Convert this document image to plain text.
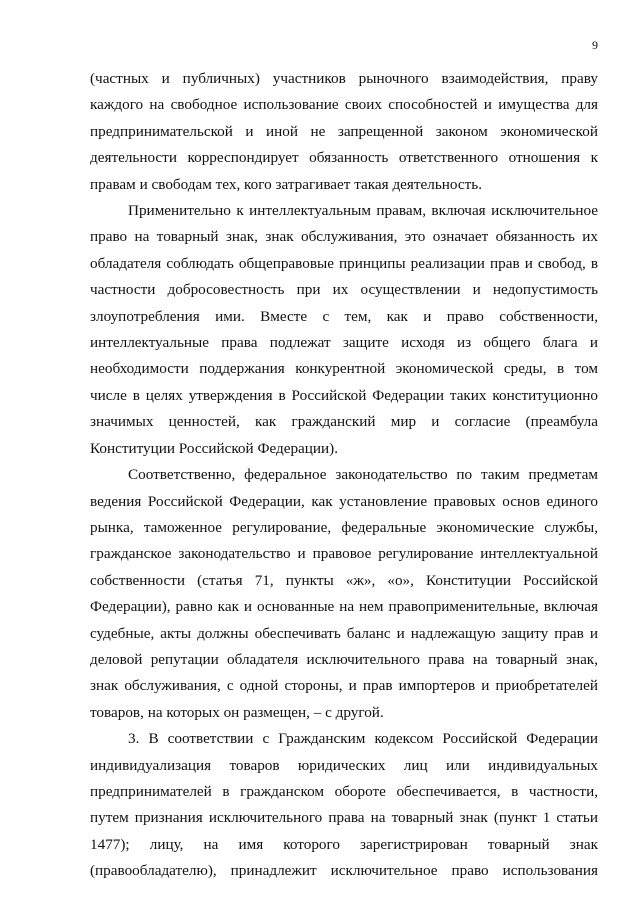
9

(частных и публичных) участников рыночного взаимодействия, праву каждого на свободное использование своих способностей и имущества для предпринимательской и иной не запрещенной законом экономической деятельности корреспондирует обязанность ответственного отношения к правам и свободам тех, кого затрагивает такая деятельность.

Применительно к интеллектуальным правам, включая исключительное право на товарный знак, знак обслуживания, это означает обязанность их обладателя соблюдать общеправовые принципы реализации прав и свобод, в частности добросовестность при их осуществлении и недопустимость злоупотребления ими. Вместе с тем, как и право собственности, интеллектуальные права подлежат защите исходя из общего блага и необходимости поддержания конкурентной экономической среды, в том числе в целях утверждения в Российской Федерации таких конституционно значимых ценностей, как гражданский мир и согласие (преамбула Конституции Российской Федерации).

Соответственно, федеральное законодательство по таким предметам ведения Российской Федерации, как установление правовых основ единого рынка, таможенное регулирование, федеральные экономические службы, гражданское законодательство и правовое регулирование интеллектуальной собственности (статья 71, пункты «ж», «о», Конституции Российской Федерации), равно как и основанные на нем правоприменительные, включая судебные, акты должны обеспечивать баланс и надлежащую защиту прав и деловой репутации обладателя исключительного права на товарный знак, знак обслуживания, с одной стороны, и прав импортеров и приобретателей товаров, на которых он размещен, – с другой.

3. В соответствии с Гражданским кодексом Российской Федерации индивидуализация товаров юридических лиц или индивидуальных предпринимателей в гражданском обороте обеспечивается, в частности, путем признания исключительного права на товарный знак (пункт 1 статьи 1477); лицу, на имя которого зарегистрирован товарный знак (правообладателю), принадлежит исключительное право использования
